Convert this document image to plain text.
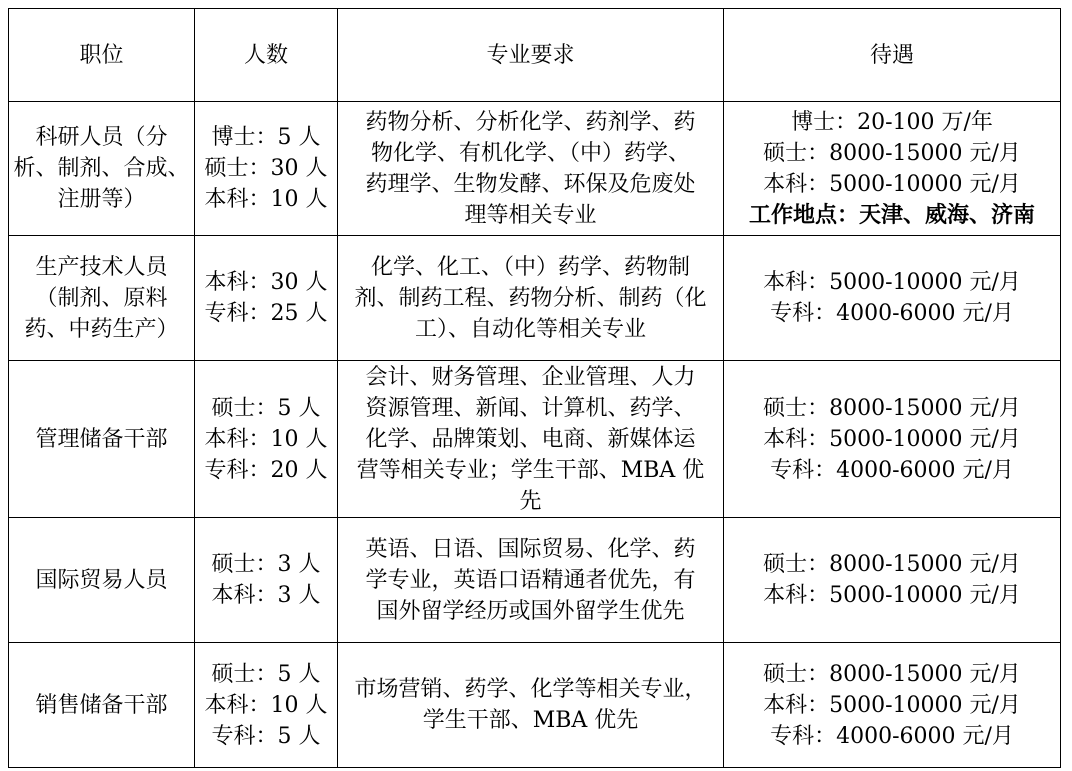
职位	人数	专业要求	待遇

科研人员（分
析、制剂、合成、
注册等）	博士：5 人
硕士：30 人
本科：10 人	药物分析、分析化学、药剂学、药
物化学、有机化学、（中）药学、
药理学、生物发酵、环保及危废处
理等相关专业	博士：20-100 万/年
硕士：8000-15000 元/月
本科：5000-10000 元/月
工作地点：天津、威海、济南

生产技术人员
（制剂、原料
药、中药生产）	本科：30 人
专科：25 人	化学、化工、（中）药学、药物制
剂、制药工程、药物分析、制药（化
工）、自动化等相关专业	本科：5000-10000 元/月
专科：4000-6000 元/月

管理储备干部	硕士：5 人
本科：10 人
专科：20 人	会计、财务管理、企业管理、人力
资源管理、新闻、计算机、药学、
化学、品牌策划、电商、新媒体运
营等相关专业；学生干部、MBA 优
先	硕士：8000-15000 元/月
本科：5000-10000 元/月
专科：4000-6000 元/月

国际贸易人员	硕士：3 人
本科：3 人	英语、日语、国际贸易、化学、药
学专业，英语口语精通者优先，有
国外留学经历或国外留学生优先	硕士：8000-15000 元/月
本科：5000-10000 元/月

销售储备干部	硕士：5 人
本科：10 人
专科：5 人	市场营销、药学、化学等相关专业，
学生干部、MBA 优先	硕士：8000-15000 元/月
本科：5000-10000 元/月
专科：4000-6000 元/月
